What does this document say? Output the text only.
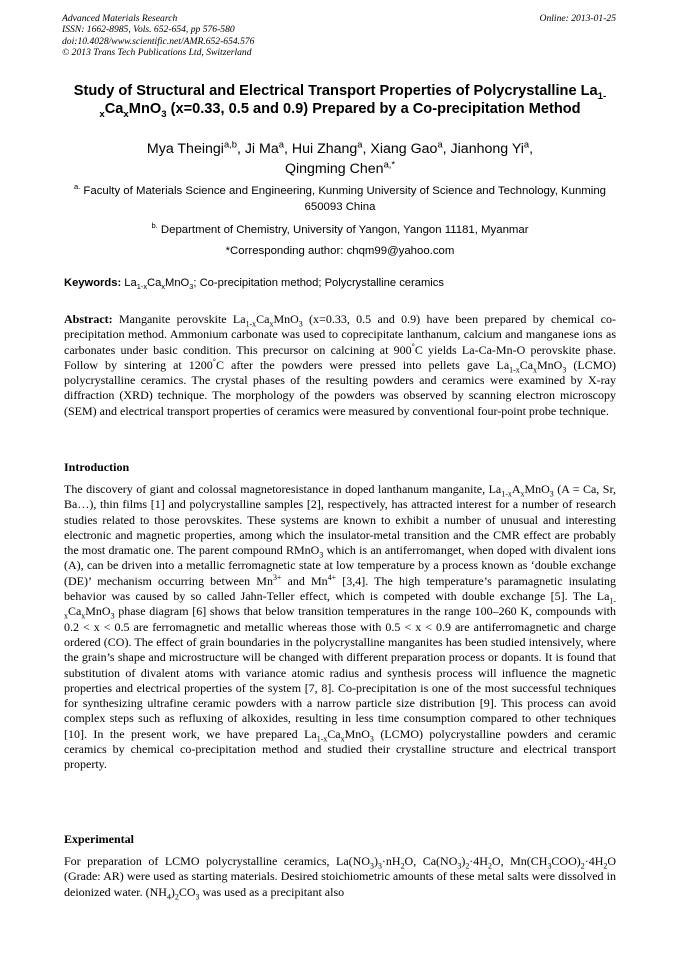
Advanced Materials Research
ISSN: 1662-8985, Vols. 652-654, pp 576-580
doi:10.4028/www.scientific.net/AMR.652-654.576
© 2013 Trans Tech Publications Ltd, Switzerland
Online: 2013-01-25
Study of Structural and Electrical Transport Properties of Polycrystalline $La_{1-x}Ca_xMnO_3$ (x=0.33, 0.5 and 0.9) Prepared by a Co-precipitation Method
Mya Theingi$^{a,b}$, Ji Ma$^a$, Hui Zhang$^a$, Xiang Gao$^a$, Jianhong Yi$^a$,
Qingming Chen$^{a,*}$
$^{a.}$ Faculty of Materials Science and Engineering, Kunming University of Science and Technology, Kunming 650093 China
$^{b.}$ Department of Chemistry, University of Yangon, Yangon 11181, Myanmar
*Corresponding author: chqm99@yahoo.com
Keywords: $La_{1-x}Ca_xMnO_3$; Co-precipitation method; Polycrystalline ceramics
Abstract: Manganite perovskite $La_{1-x}Ca_xMnO_3$ (x=0.33, 0.5 and 0.9) have been prepared by chemical co-precipitation method. Ammonium carbonate was used to coprecipitate lanthanum, calcium and manganese ions as carbonates under basic condition. This precursor on calcining at 900°C yields La-Ca-Mn-O perovskite phase. Follow by sintering at 1200°C after the powders were pressed into pellets gave $La_{1-x}Ca_xMnO_3$ (LCMO) polycrystalline ceramics. The crystal phases of the resulting powders and ceramics were examined by X-ray diffraction (XRD) technique. The morphology of the powders was observed by scanning electron microscopy (SEM) and electrical transport properties of ceramics were measured by conventional four-point probe technique.
Introduction
The discovery of giant and colossal magnetoresistance in doped lanthanum manganite, $La_{1-x}A_xMnO_3$ (A = Ca, Sr, Ba…), thin films [1] and polycrystalline samples [2], respectively, has attracted interest for a number of research studies related to those perovskites. These systems are known to exhibit a number of unusual and interesting electronic and magnetic properties, among which the insulator-metal transition and the CMR effect are probably the most dramatic one. The parent compound RMnO$_3$ which is an antiferromanget, when doped with divalent ions (A), can be driven into a metallic ferromagnetic state at low temperature by a process known as ‘double exchange (DE)’ mechanism occurring between $Mn^{3+}$ and $Mn^{4+}$ [3,4]. The high temperature’s paramagnetic insulating behavior was caused by so called Jahn-Teller effect, which is competed with double exchange [5]. The $La_{1-x}Ca_xMnO_3$ phase diagram [6] shows that below transition temperatures in the range 100–260 K, compounds with 0.2 < x < 0.5 are ferromagnetic and metallic whereas those with 0.5 < x < 0.9 are antiferromagnetic and charge ordered (CO). The effect of grain boundaries in the polycrystalline manganites has been studied intensively, where the grain’s shape and microstructure will be changed with different preparation process or dopants. It is found that substitution of divalent atoms with variance atomic radius and synthesis process will influence the magnetic properties and electrical properties of the system [7, 8]. Co-precipitation is one of the most successful techniques for synthesizing ultrafine ceramic powders with a narrow particle size distribution [9]. This process can avoid complex steps such as refluxing of alkoxides, resulting in less time consumption compared to other techniques [10]. In the present work, we have prepared $La_{1-x}Ca_xMnO_3$ (LCMO) polycrystalline powders and ceramic ceramics by chemical co-precipitation method and studied their crystalline structure and electrical transport property.
Experimental
For preparation of LCMO polycrystalline ceramics, $La(NO_3)_3\cdot nH_2O$, $Ca(NO_3)_2\cdot 4H_2O$, $Mn(CH_3COO)_2\cdot 4H_2O$ (Grade: AR) were used as starting materials. Desired stoichiometric amounts of these metal salts were dissolved in deionized water. $(NH_4)_2CO_3$ was used as a precipitant also
